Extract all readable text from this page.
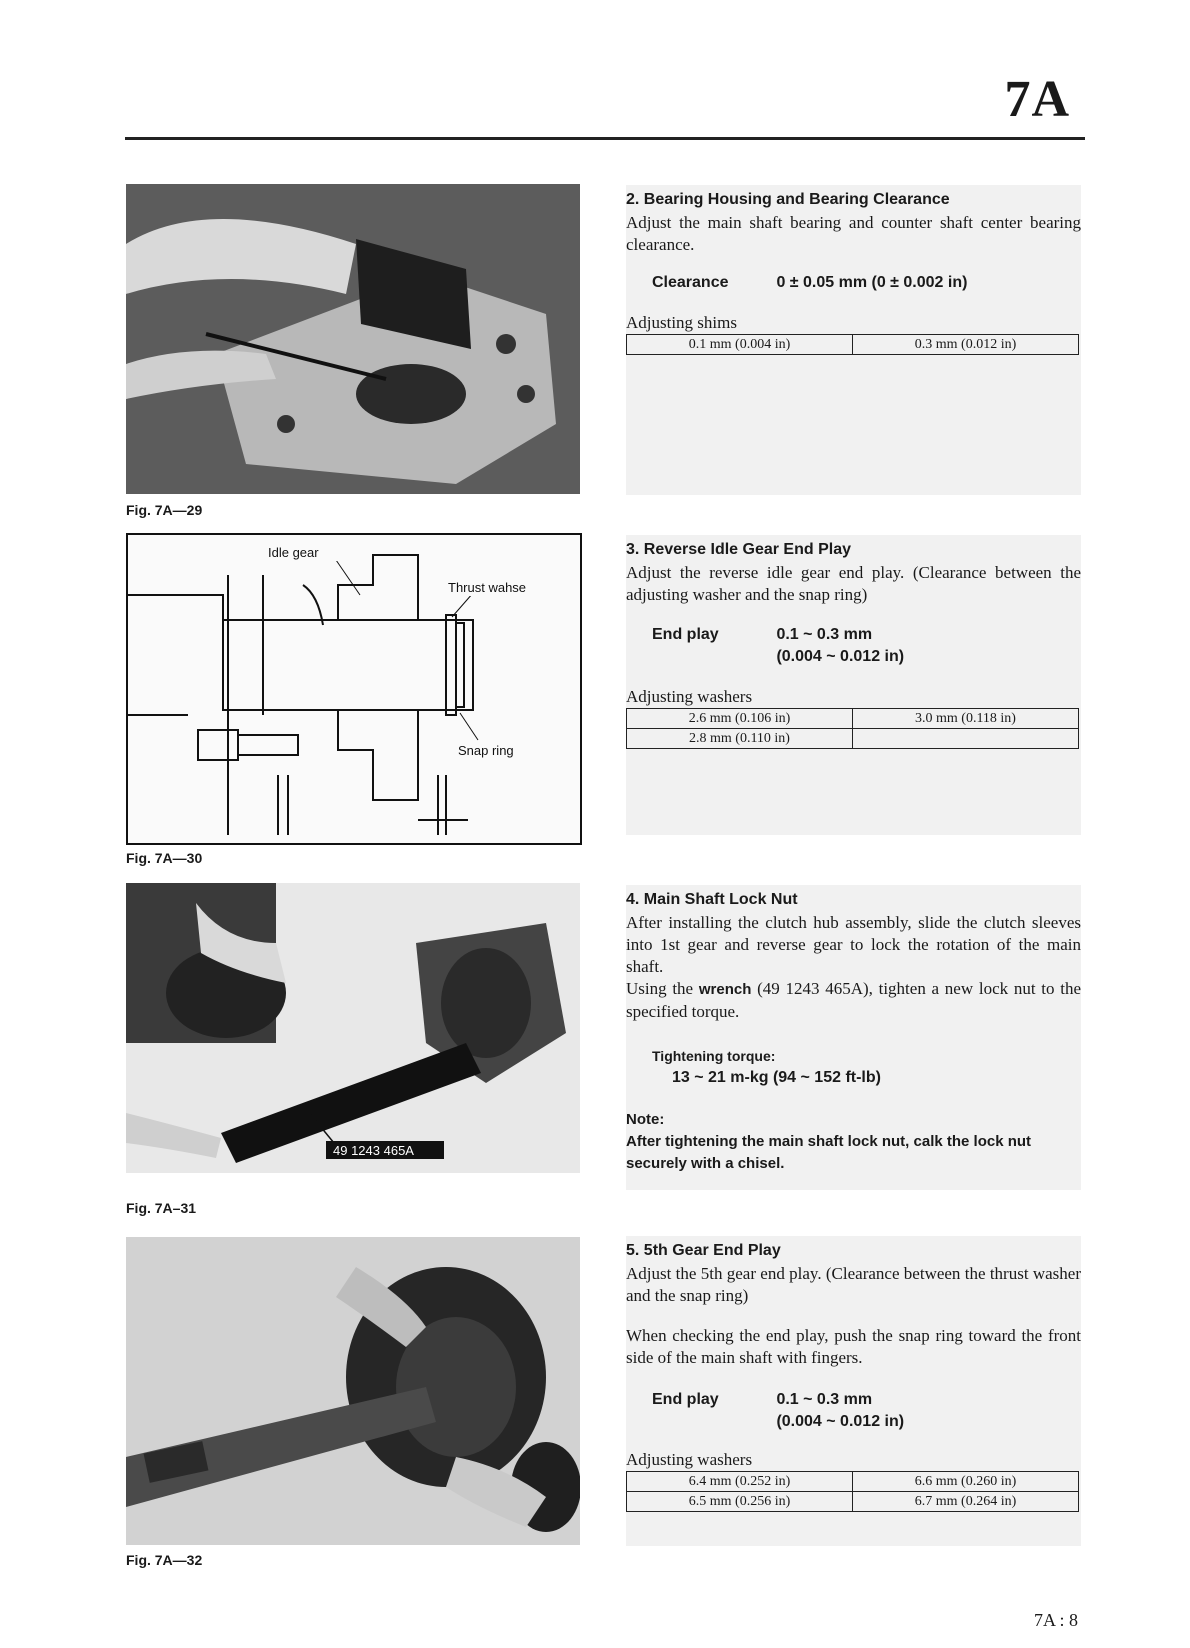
7A
Fig. 7A—29
Idle gear
Thrust wahse
Snap ring
Fig. 7A—30
49 1243 465A
Fig. 7A–31
Fig. 7A—32

2. Bearing Housing and Bearing Clearance

Adjust the main shaft bearing and counter shaft center bearing clearance.

Clearance	0 ± 0.05 mm (0 ± 0.002 in)

Adjusting shims

0.1 mm (0.004 in)	0.3 mm (0.012 in)

3. Reverse Idle Gear End Play

Adjust the reverse idle gear end play. (Clearance between the adjusting washer and the snap ring)

End play	0.1 ~ 0.3 mm
(0.004 ~ 0.012 in)

Adjusting washers

2.6 mm (0.106 in)	3.0 mm (0.118 in)
2.8 mm (0.110 in)	

4. Main Shaft Lock Nut

After installing the clutch hub assembly, slide the clutch sleeves into 1st gear and reverse gear to lock the rotation of the main shaft.

Using the wrench (49 1243 465A), tighten a new lock nut to the specified torque.

Tightening torque:
13 ~ 21 m-kg (94 ~ 152 ft-lb)

Note:

After tightening the main shaft lock nut, calk the lock nut securely with a chisel.

5. 5th Gear End Play

Adjust the 5th gear end play. (Clearance between the thrust washer and the snap ring)

When checking the end play, push the snap ring toward the front side of the main shaft with fingers.

End play	0.1 ~ 0.3 mm
(0.004 ~ 0.012 in)

Adjusting washers

6.4 mm (0.252 in)	6.6 mm (0.260 in)
6.5 mm (0.256 in)	6.7 mm (0.264 in)
7A : 8
